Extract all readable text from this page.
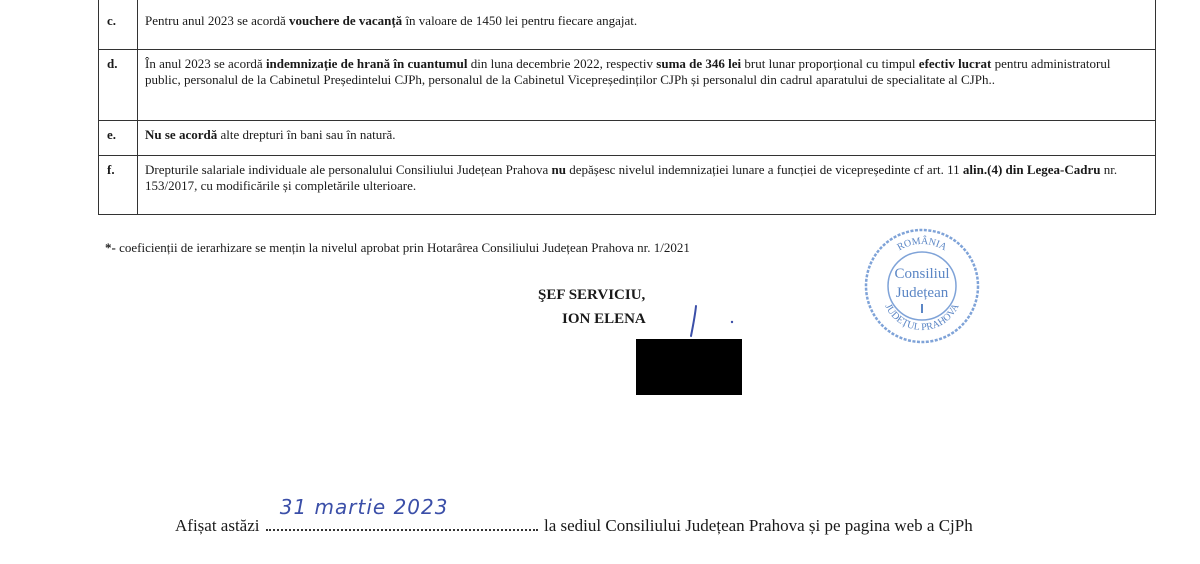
c.	Pentru anul 2023 se acordă vouchere de vacanță în valoare de 1450 lei pentru fiecare angajat.
d.	În anul 2023 se acordă indemnizație de hrană în cuantumul din luna decembrie 2022, respectiv suma de 346 lei brut lunar proporțional cu timpul efectiv lucrat pentru administratorul public, personalul de la Cabinetul Președintelui CJPh, personalul de la Cabinetul Vicepreședinților CJPh și personalul din cadrul aparatului de specialitate al CJPh..
e.	Nu se acordă alte drepturi în bani sau în natură.
f.	Drepturile salariale individuale ale personalului Consiliului Județean Prahova nu depășesc nivelul indemnizației lunare a funcției de vicepreședinte cf art. 11 alin.(4) din Legea-Cadru nr. 153/2017, cu modificările și completările ulterioare.
*- coeficienții de ierarhizare se mențin la nivelul aprobat prin Hotarârea Consiliului Județean Prahova nr. 1/2021
ŞEF SERVICIU,
ION ELENA
ROMÂNIA
JUDEȚUL PRAHOVA
Consiliul
Județean
Afișat astăzi
31 martie 2023
la sediul Consiliului Județean Prahova și pe pagina web a CjPh
